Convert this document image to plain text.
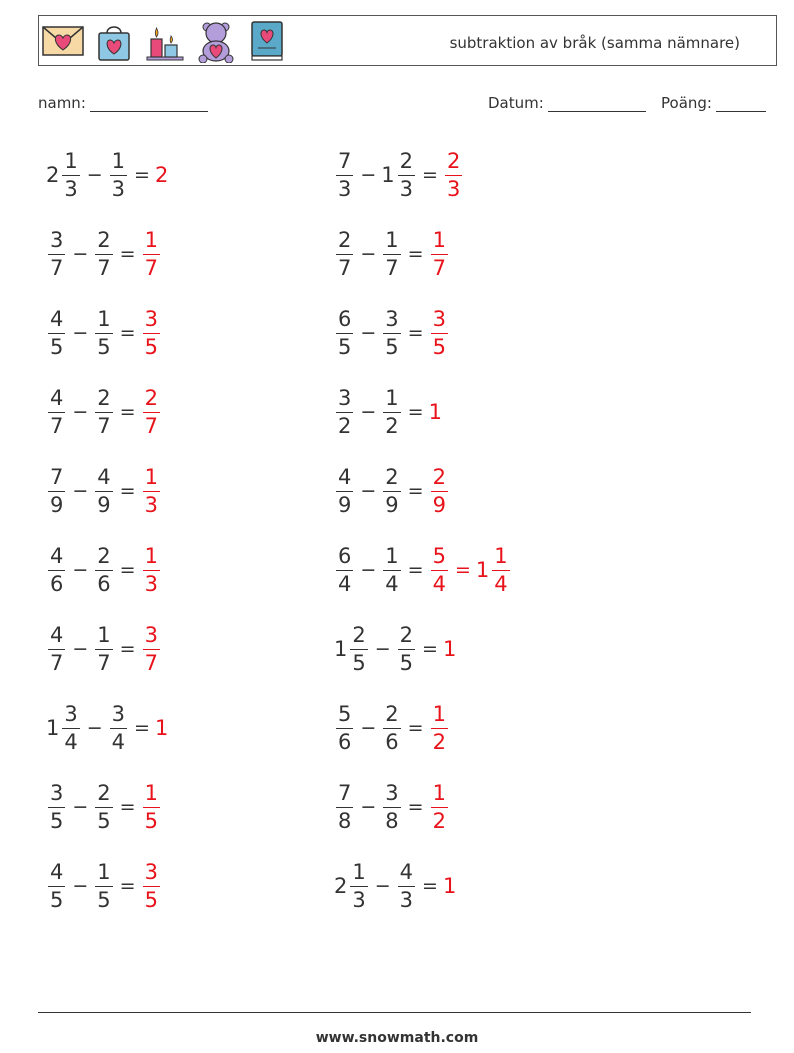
subtraktion av bråk (samma nämnare)
namn:	Datum:	Poäng:
$2 \frac{1}{3} - \frac{1}{3} = 2$	$\frac{7}{3} - 1 \frac{2}{3} = \frac{2}{3}$
$\frac{3}{7} - \frac{2}{7} = \frac{1}{7}$	$\frac{2}{7} - \frac{1}{7} = \frac{1}{7}$
$\frac{4}{5} - \frac{1}{5} = \frac{3}{5}$	$\frac{6}{5} - \frac{3}{5} = \frac{3}{5}$
$\frac{4}{7} - \frac{2}{7} = \frac{2}{7}$	$\frac{3}{2} - \frac{1}{2} = 1$
$\frac{7}{9} - \frac{4}{9} = \frac{1}{3}$	$\frac{4}{9} - \frac{2}{9} = \frac{2}{9}$
$\frac{4}{6} - \frac{2}{6} = \frac{1}{3}$	$\frac{6}{4} - \frac{1}{4} = \frac{5}{4} = 1 \frac{1}{4}$
$\frac{4}{7} - \frac{1}{7} = \frac{3}{7}$	$1 \frac{2}{5} - \frac{2}{5} = 1$
$1 \frac{3}{4} - \frac{3}{4} = 1$	$\frac{5}{6} - \frac{2}{6} = \frac{1}{2}$
$\frac{3}{5} - \frac{2}{5} = \frac{1}{5}$	$\frac{7}{8} - \frac{3}{8} = \frac{1}{2}$
$\frac{4}{5} - \frac{1}{5} = \frac{3}{5}$	$2 \frac{1}{3} - \frac{4}{3} = 1$
www.snowmath.com
